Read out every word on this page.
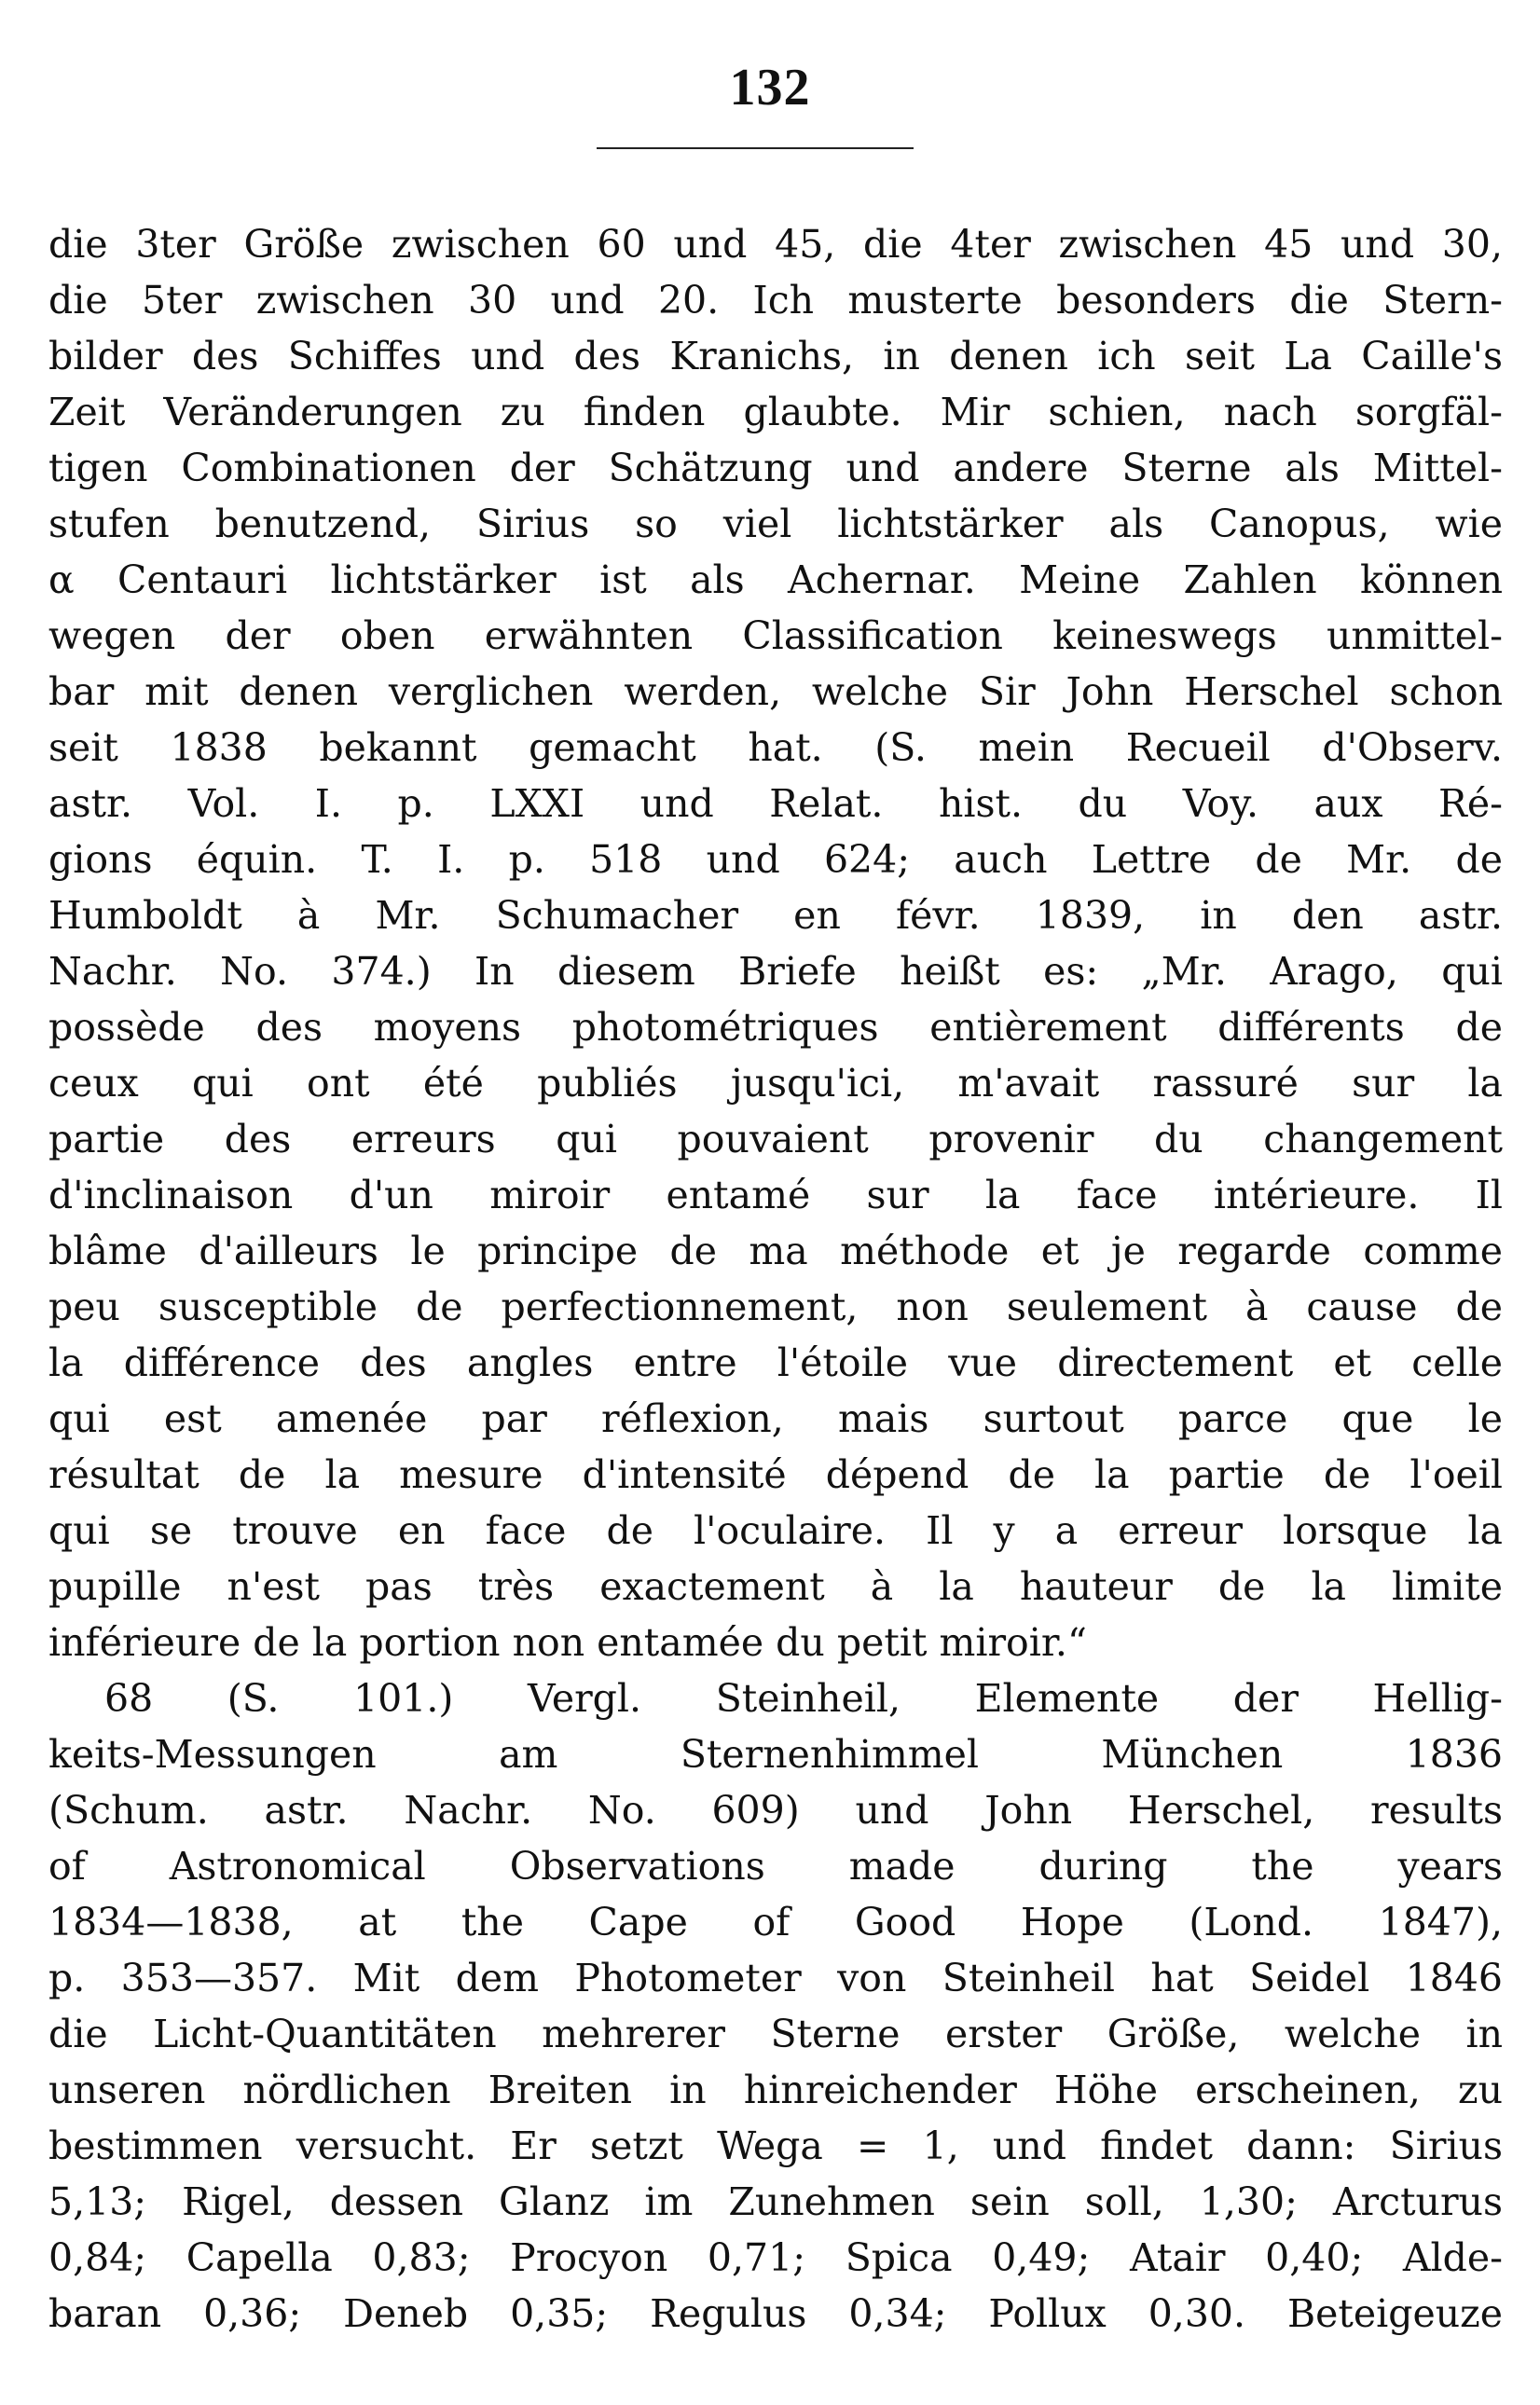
132
die 3ter Größe zwischen 60 und 45, die 4ter zwischen 45 und 30,
die 5ter zwischen 30 und 20. Ich musterte besonders die Stern-
bilder des Schiffes und des Kranichs, in denen ich seit La Caille's
Zeit Veränderungen zu finden glaubte. Mir schien, nach sorgfäl-
tigen Combinationen der Schätzung und andere Sterne als Mittel-
stufen benutzend, Sirius so viel lichtstärker als Canopus, wie
α Centauri lichtstärker ist als Achernar. Meine Zahlen können
wegen der oben erwähnten Classification keineswegs unmittel-
bar mit denen verglichen werden, welche Sir John Herschel schon
seit 1838 bekannt gemacht hat. (S. mein Recueil d'Observ.
astr. Vol. I. p. LXXI und Relat. hist. du Voy. aux Ré-
gions équin. T. I. p. 518 und 624; auch Lettre de Mr. de
Humboldt à Mr. Schumacher en févr. 1839, in den astr.
Nachr. No. 374.) In diesem Briefe heißt es: „Mr. Arago, qui
possède des moyens photométriques entièrement différents de
ceux qui ont été publiés jusqu'ici, m'avait rassuré sur la
partie des erreurs qui pouvaient provenir du changement
d'inclinaison d'un miroir entamé sur la face intérieure. Il
blâme d'ailleurs le principe de ma méthode et je regarde comme
peu susceptible de perfectionnement, non seulement à cause de
la différence des angles entre l'étoile vue directement et celle
qui est amenée par réflexion, mais surtout parce que le
résultat de la mesure d'intensité dépend de la partie de l'oeil
qui se trouve en face de l'oculaire. Il y a erreur lorsque la
pupille n'est pas très exactement à la hauteur de la limite
inférieure de la portion non entamée du petit miroir.“
68 (S. 101.) Vergl. Steinheil, Elemente der Hellig-
keits-Messungen am Sternenhimmel München 1836
(Schum. astr. Nachr. No. 609) und John Herschel, results
of Astronomical Observations made during the years
1834—1838, at the Cape of Good Hope (Lond. 1847),
p. 353—357. Mit dem Photometer von Steinheil hat Seidel 1846
die Licht-Quantitäten mehrerer Sterne erster Größe, welche in
unseren nördlichen Breiten in hinreichender Höhe erscheinen, zu
bestimmen versucht. Er setzt Wega = 1, und findet dann: Sirius
5,13; Rigel, dessen Glanz im Zunehmen sein soll, 1,30; Arcturus
0,84; Capella 0,83; Procyon 0,71; Spica 0,49; Atair 0,40; Alde-
baran 0,36; Deneb 0,35; Regulus 0,34; Pollux 0,30. Beteigeuze
